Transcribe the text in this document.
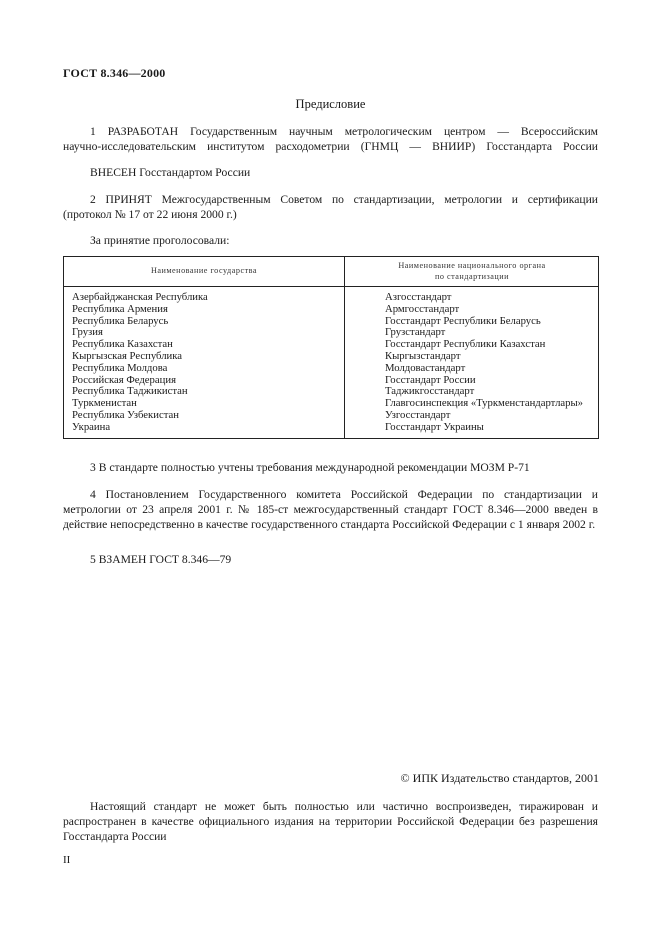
ГОСТ 8.346—2000
Предисловие
1 РАЗРАБОТАН Государственным научным метрологическим центром — Всероссийским
научно-исследовательским институтом расходометрии (ГНМЦ — ВНИИР) Госстандарта России
ВНЕСЕН Госстандартом России
2 ПРИНЯТ Межгосударственным Советом по стандартизации, метрологии и сертификации
(протокол № 17 от 22 июня 2000 г.)
За принятие проголосовали:
Наименование государства
Наименование национального органа
по стандартизации
Азербайджанская Республика
Республика Армения
Республика Беларусь
Грузия
Республика Казахстан
Кыргызская Республика
Республика Молдова
Российская Федерация
Республика Таджикистан
Туркменистан
Республика Узбекистан
Украина
Азгосстандарт
Армгосстандарт
Госстандарт Республики Беларусь
Грузстандарт
Госстандарт Республики Казахстан
Кыргызстандарт
Молдовастандарт
Госстандарт России
Таджикгосстандарт
Главгосинспекция «Туркменстандартлары»
Узгосстандарт
Госстандарт Украины
3 В стандарте полностью учтены требования международной рекомендации МОЗМ Р-71
4 Постановлением Государственного комитета Российской Федерации по стандартизации и метрологии от 23 апреля 2001 г. № 185-ст межгосударственный стандарт ГОСТ 8.346—2000 введен в действие непосредственно в качестве государственного стандарта Российской Федерации с 1 января 2002 г.
5 ВЗАМЕН ГОСТ 8.346—79
© ИПК Издательство стандартов, 2001
Настоящий стандарт не может быть полностью или частично воспроизведен, тиражирован и распространен в качестве официального издания на территории Российской Федерации без разрешения Госстандарта России
II
